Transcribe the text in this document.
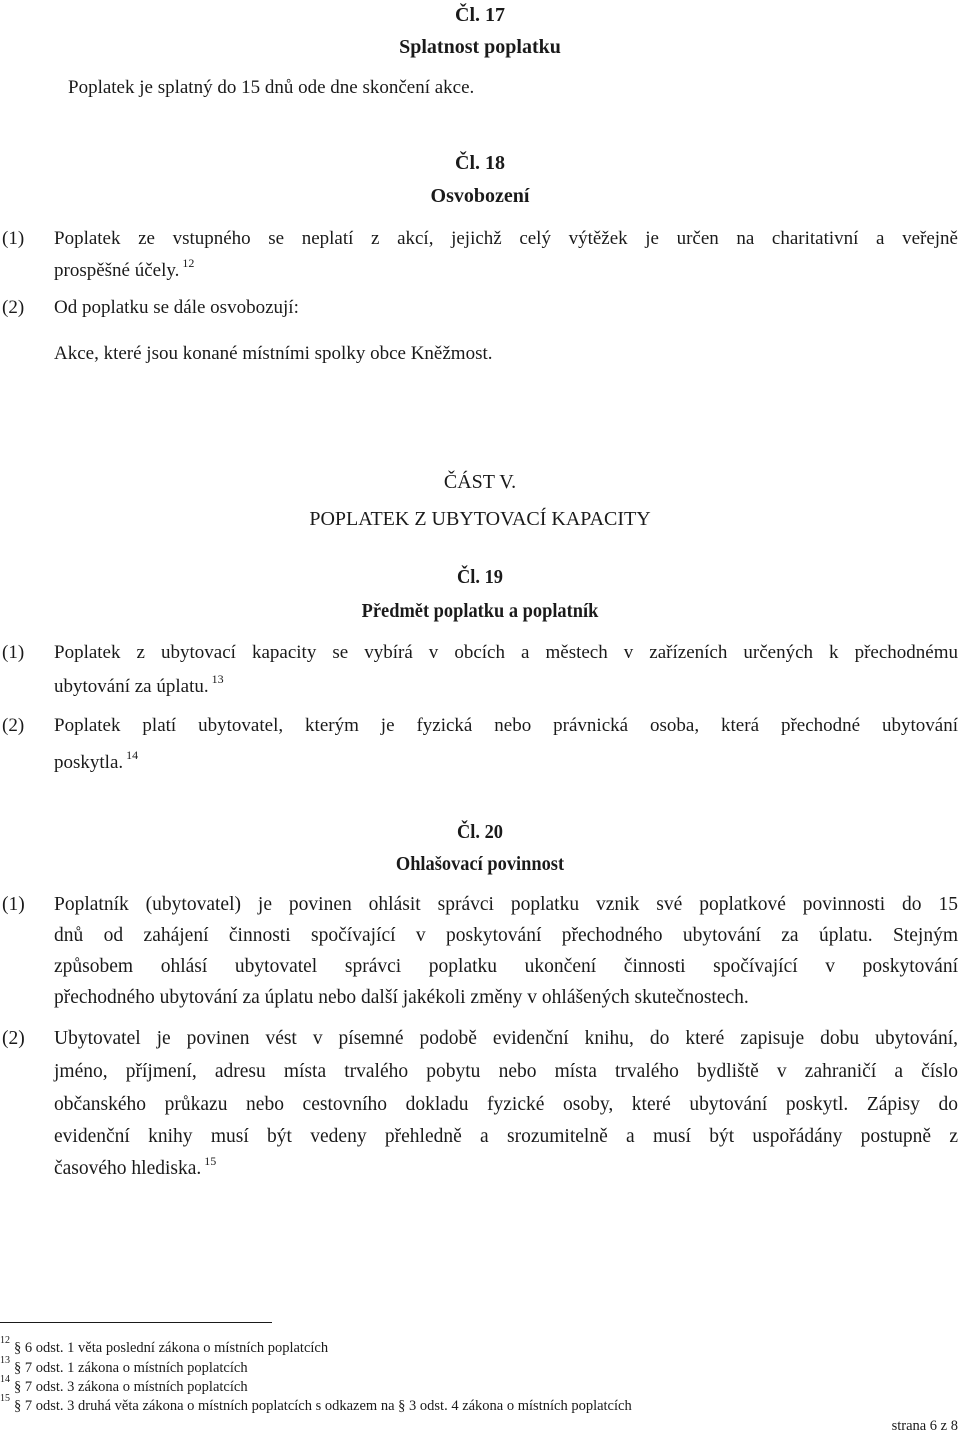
Čl. 17
Splatnost poplatku
Poplatek je splatný do 15 dnů ode dne skončení akce.
Čl. 18
Osvobození
(1) Poplatek ze vstupného se neplatí z akcí, jejichž celý výtěžek je určen na charitativní a veřejně
prospěšné účely. $^{12}$
(2) Od poplatku se dále osvobozují:
Akce, které jsou konané místními spolky obce Kněžmost.
ČÁST V.
POPLATEK Z UBYTOVACÍ KAPACITY
Čl. 19
Předmět poplatku a poplatník
(1) Poplatek z ubytovací kapacity se vybírá v obcích a městech v zařízeních určených k přechodnému
ubytování za úplatu. $^{13}$
(2) Poplatek platí ubytovatel, kterým je fyzická nebo právnická osoba, která přechodné ubytování
poskytla. $^{14}$
Čl. 20
Ohlašovací povinnost
(1) Poplatník (ubytovatel) je povinen ohlásit správci poplatku vznik své poplatkové povinnosti do 15
dnů od zahájení činnosti spočívající v poskytování přechodného ubytování za úplatu. Stejným
způsobem ohlásí ubytovatel správci poplatku ukončení činnosti spočívající v poskytování
přechodného ubytování za úplatu nebo další jakékoli změny v ohlášených skutečnostech.
(2) Ubytovatel je povinen vést v písemné podobě evidenční knihu, do které zapisuje dobu ubytování,
jméno, příjmení, adresu místa trvalého pobytu nebo místa trvalého bydliště v zahraničí a číslo
občanského průkazu nebo cestovního dokladu fyzické osoby, které ubytování poskytl. Zápisy do
evidenční knihy musí být vedeny přehledně a srozumitelně a musí být uspořádány postupně z
časového hlediska. $^{15}$
12 § 6 odst. 1 věta poslední zákona o místních poplatcích
13 § 7 odst. 1 zákona o místních poplatcích
14 § 7 odst. 3 zákona o místních poplatcích
15 § 7 odst. 3 druhá věta zákona o místních poplatcích s odkazem na § 3 odst. 4 zákona o místních poplatcích
strana 6 z 8
